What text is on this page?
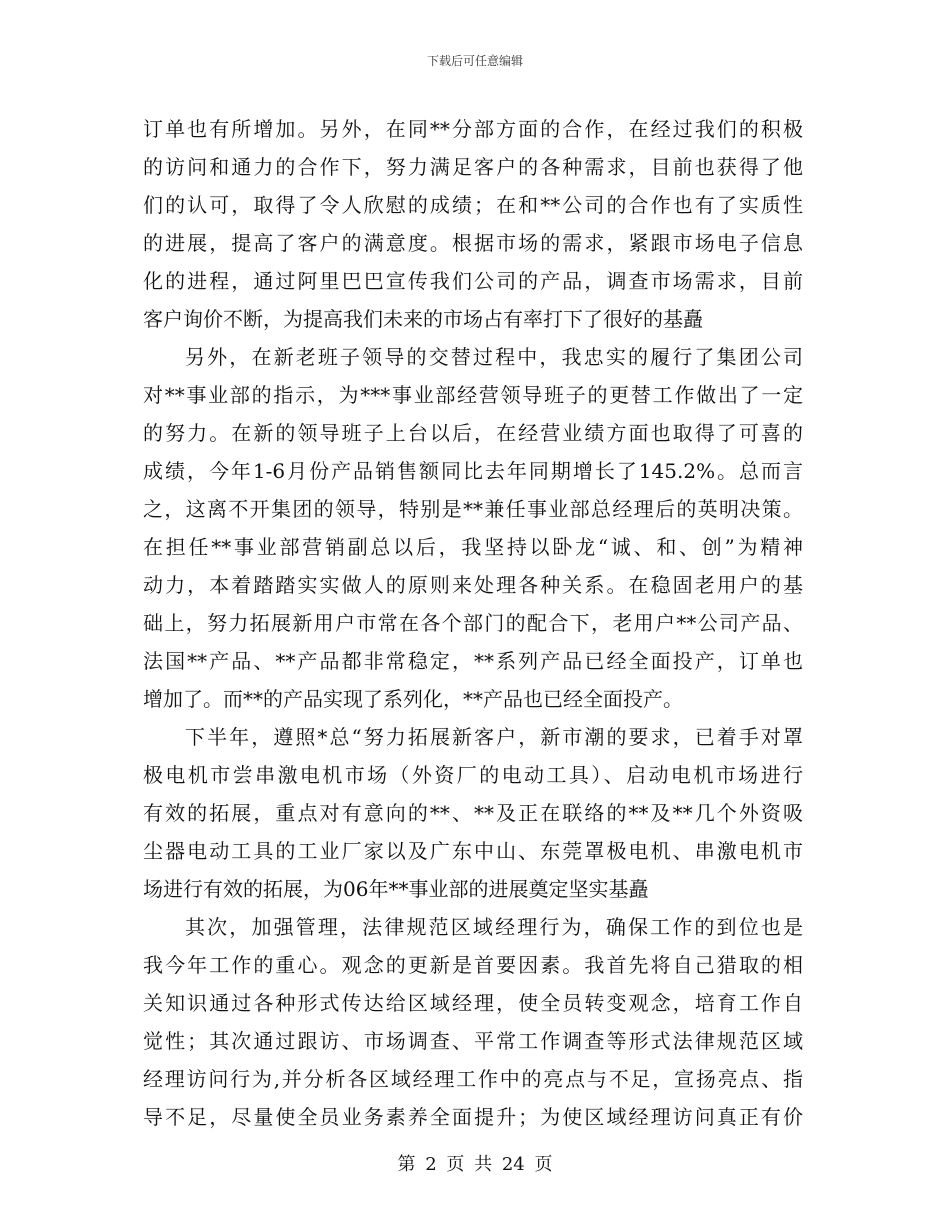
下载后可任意编辑
订单也有所增加。另外，在同**分部方面的合作，在经过我们的积极
的访问和通力的合作下，努力满足客户的各种需求，目前也获得了他
们的认可，取得了令人欣慰的成绩；在和**公司的合作也有了实质性
的进展，提高了客户的满意度。根据市场的需求，紧跟市场电子信息
化的进程，通过阿里巴巴宣传我们公司的产品，调查市场需求，目前
客户询价不断，为提高我们未来的市场占有率打下了很好的基矗
另外，在新老班子领导的交替过程中，我忠实的履行了集团公司
对**事业部的指示，为***事业部经营领导班子的更替工作做出了一定
的努力。在新的领导班子上台以后，在经营业绩方面也取得了可喜的
成绩，今年1-6月份产品销售额同比去年同期增长了145.2%。总而言
之，这离不开集团的领导，特别是**兼任事业部总经理后的英明决策。
在担任**事业部营销副总以后，我坚持以卧龙“诚、和、创”为精神
动力，本着踏踏实实做人的原则来处理各种关系。在稳固老用户的基
础上，努力拓展新用户市常在各个部门的配合下，老用户**公司产品、
法国**产品、**产品都非常稳定，**系列产品已经全面投产，订单也
增加了。而**的产品实现了系列化，**产品也已经全面投产。
下半年，遵照*总“努力拓展新客户，新市潮的要求，已着手对罩
极电机市尝串激电机市场（外资厂的电动工具）、启动电机市场进行
有效的拓展，重点对有意向的**、**及正在联络的**及**几个外资吸
尘器电动工具的工业厂家以及广东中山、东莞罩极电机、串激电机市
场进行有效的拓展，为06年**事业部的进展奠定坚实基矗
其次，加强管理，法律规范区域经理行为，确保工作的到位也是
我今年工作的重心。观念的更新是首要因素。我首先将自己猎取的相
关知识通过各种形式传达给区域经理，使全员转变观念，培育工作自
觉性；其次通过跟访、市场调查、平常工作调查等形式法律规范区域
经理访问行为,并分析各区域经理工作中的亮点与不足，宣扬亮点、指
导不足，尽量使全员业务素养全面提升；为使区域经理访问真正有价
第 2 页 共 24 页
